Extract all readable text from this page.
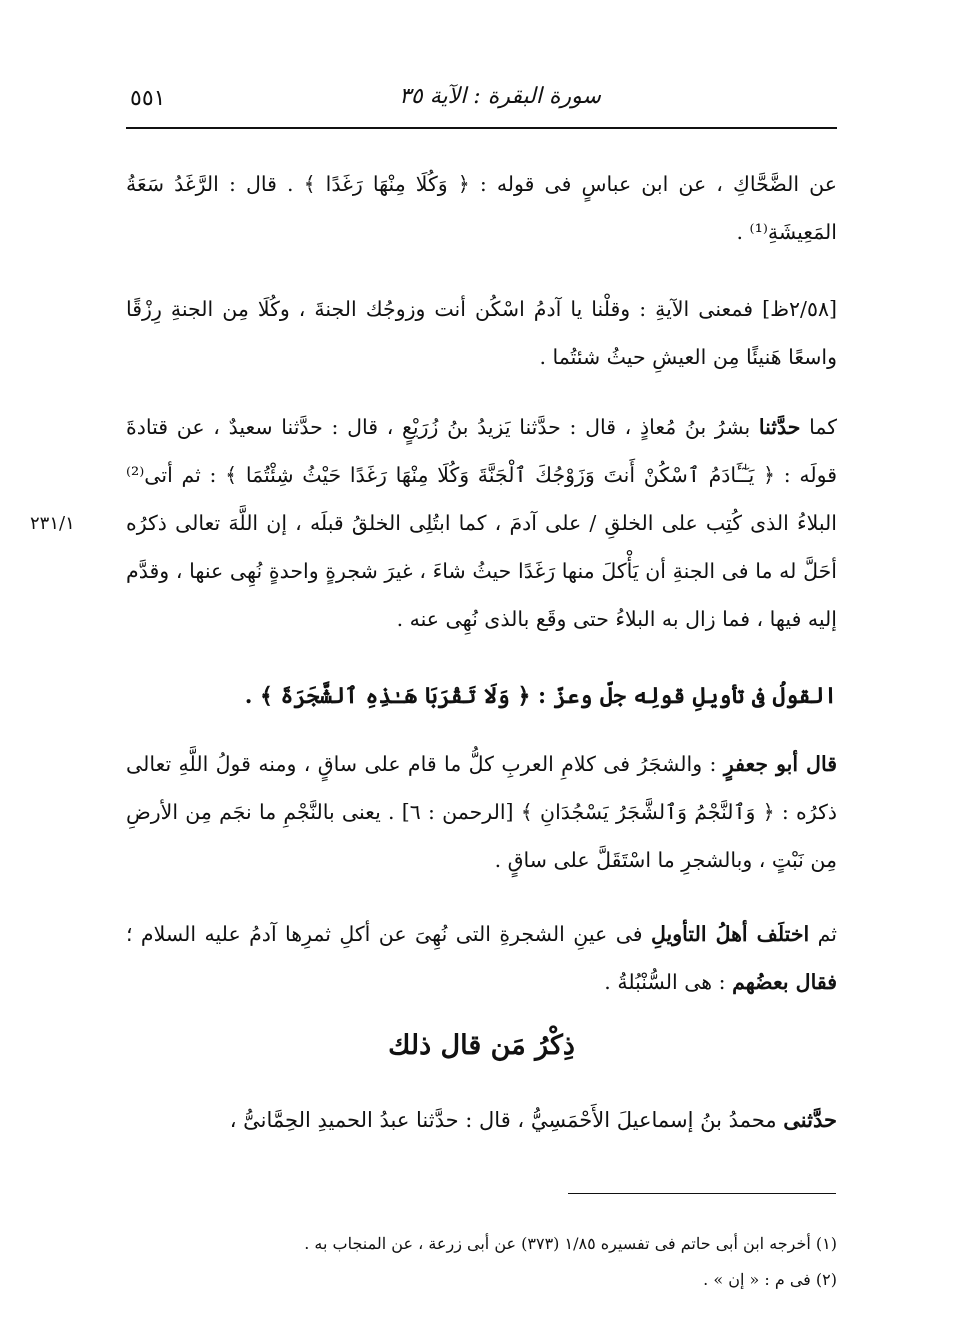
٥٥١	سورة البقرة : الآية ٣٥
عن الضَّحَّاكِ ، عن ابن عباسٍ فى قوله : ﴿ وَكُلَا مِنْهَا رَغَدًا ﴾ . قال : الرَّغَدُ سَعَةُ المَعِيشَةِ⁽¹⁾ .
[٢/٥٨ظ] فمعنى الآيةِ : وقلْنا يا آدمُ اسْكُن أنت وزوجُك الجنةَ ، وكُلَا مِن الجنةِ رِزْقًا واسعًا هَنيئًا مِن العيشِ حيثُ شئتُما .
كما حدَّثنا بشرُ بنُ مُعاذٍ ، قال : حدَّثنا يَزيدُ بنُ زُرَيْعٍ ، قال : حدَّثنا سعيدٌ ، عن قتادةَ قولَه : ﴿ يَـٰٓـَٔادَمُ ٱسْكُنْ أَنتَ وَزَوْجُكَ ٱلْجَنَّةَ وَكُلَا مِنْهَا رَغَدًا حَيْثُ شِئْتُمَا ﴾ : ثم أتى⁽²⁾ البلاءُ الذى كُتِب على الخلقِ / على آدمَ ، كما ابتُلِى الخلقُ قبلَه ، إن اللَّهَ تعالى ذكرُه أحَلَّ له ما فى الجنةِ أن يَأْكلَ منها رَغَدًا حيثُ شاءَ ، غيرَ شجرةٍ واحدةٍ نُهِى عنها ، وقدَّم إليه فيها ، فما زال به البلاءُ حتى وقَع بالذى نُهِى عنه .
٢٣١/١
القولُ فى تأويلِ قولِه جلّ وعزّ : ﴿ وَلَا تَقْرَبَا هَـٰذِهِ ٱلشَّجَرَةَ ﴾ .
قال أبو جعفرٍ : والشجَرُ فى كلامِ العربِ كلُّ ما قام على ساقٍ ، ومنه قولُ اللَّهِ تعالى ذكرُه : ﴿ وَٱلنَّجْمُ وَٱلشَّجَرُ يَسْجُدَانِ ﴾ [الرحمن : ٦] . يعنى بالنَّجْمِ ما نجَم مِن الأرضِ مِن نَبْتٍ ، وبالشجرِ ما اسْتَقَلَّ على ساقٍ .
ثم اختلَف أهلُ التأويلِ فى عينِ الشجرةِ التى نُهِىَ عن أكلِ ثمرِها آدمُ عليه السلام ؛ فقال بعضُهم : هى السُّنْبُلةُ .
ذِكْرُ مَن قال ذلك
حدَّثنى محمدُ بنُ إسماعيلَ الأَحْمَسِيُّ ، قال : حدَّثنا عبدُ الحميدِ الحِمَّانىُّ ،
(١) أخرجه ابن أبى حاتم فى تفسيره ١/٨٥ (٣٧٣) عن أبى زرعة ، عن المنجاب به .
(٢) فى م : « إن » .
